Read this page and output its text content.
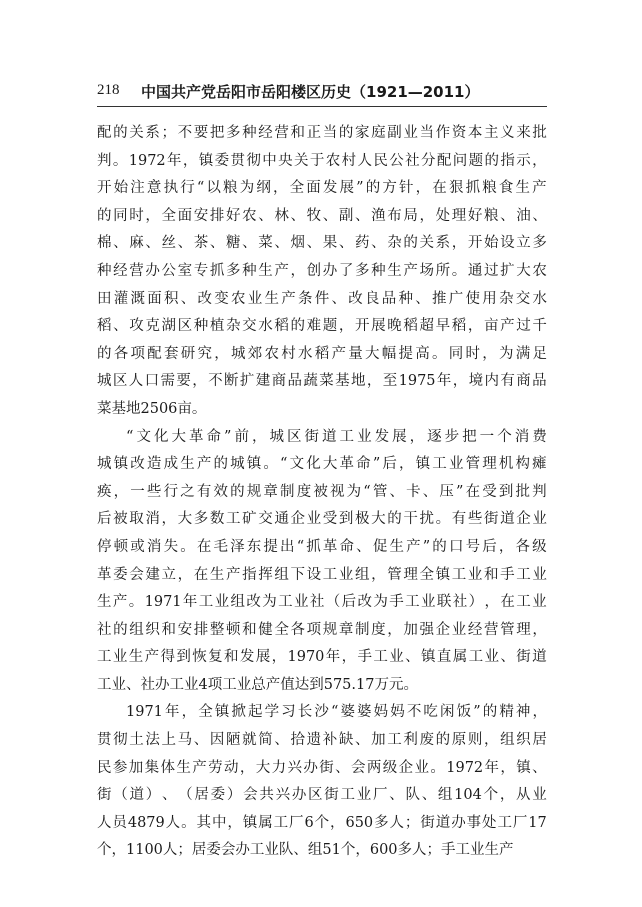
218 中国共产党岳阳市岳阳楼区历史（1921—2011）
配 的 关 系 ； 不 要 把 多 种 经 营 和 正 当 的 家 庭 副 业 当 作 资 本 主 义 来 批
判 。 1972 年 ， 镇 委 贯 彻 中 央 关 于 农 村 人 民 公 社 分 配 问 题 的 指 示 ，
开 始 注 意 执 行 “ 以 粮 为 纲 ， 全 面 发 展 ” 的 方 针 ， 在 狠 抓 粮 食 生 产
的 同 时 ， 全 面 安 排 好 农 、 林 、 牧 、 副 、 渔 布 局 ， 处 理 好 粮 、 油 、
棉 、 麻 、 丝 、 茶 、 糖 、 菜 、 烟 、 果 、 药 、 杂 的 关 系 ， 开 始 设 立 多
种 经 营 办 公 室 专 抓 多 种 生 产 ， 创 办 了 多 种 生 产 场 所 。 通 过 扩 大 农
田 灌 溉 面 积 、 改 变 农 业 生 产 条 件 、 改 良 品 种 、 推 广 使 用 杂 交 水
稻 、 攻 克 湖 区 种 植 杂 交 水 稻 的 难 题 ， 开 展 晚 稻 超 早 稻 ， 亩 产 过 千
的 各 项 配 套 研 究 ， 城 郊 农 村 水 稻 产 量 大 幅 提 高 。 同 时 ， 为 满 足
城 区 人 口 需 要 ， 不 断 扩 建 商 品 蔬 菜 基 地 ， 至 1975 年 ， 境 内 有 商 品
菜 基 地 2506 亩 。
“ 文 化 大 革 命 ” 前 ， 城 区 街 道 工 业 发 展 ， 逐 步 把 一 个 消 费
城 镇 改 造 成 生 产 的 城 镇 。 “ 文 化 大 革 命 ” 后 ， 镇 工 业 管 理 机 构 瘫
痪 ， 一 些 行 之 有 效 的 规 章 制 度 被 视 为 “ 管 、 卡 、 压 ” 在 受 到 批 判
后 被 取 消 ， 大 多 数 工 矿 交 通 企 业 受 到 极 大 的 干 扰 。 有 些 街 道 企 业
停 顿 或 消 失 。 在 毛 泽 东 提 出 “ 抓 革 命 、 促 生 产 ” 的 口 号 后 ， 各 级
革 委 会 建 立 ， 在 生 产 指 挥 组 下 设 工 业 组 ， 管 理 全 镇 工 业 和 手 工 业
生 产 。 1971 年 工 业 组 改 为 工 业 社 （ 后 改 为 手 工 业 联 社 ） ， 在 工 业
社 的 组 织 和 安 排 整 顿 和 健 全 各 项 规 章 制 度 ， 加 强 企 业 经 营 管 理 ，
工 业 生 产 得 到 恢 复 和 发 展 ， 1970 年 ， 手 工 业 、 镇 直 属 工 业 、 街 道
工 业 、 社 办 工 业 4 项 工 业 总 产 值 达 到 575.17 万 元 。
1971 年 ， 全 镇 掀 起 学 习 长 沙 “ 婆 婆 妈 妈 不 吃 闲 饭 ” 的 精 神 ，
贯 彻 土 法 上 马 、 因 陋 就 简 、 拾 遗 补 缺 、 加 工 利 废 的 原 则 ， 组 织 居
民 参 加 集 体 生 产 劳 动 ， 大 力 兴 办 街 、 会 两 级 企 业 。 1972 年 ， 镇 、
街 （ 道 ） 、 （ 居 委 ） 会 共 兴 办 区 街 工 业 厂 、 队 、 组 104 个 ， 从 业
人 员 4879 人 。 其 中 ， 镇 属 工 厂 6 个 ， 650 多 人 ； 街 道 办 事 处 工 厂 17
个 ， 1100 人 ； 居 委 会 办 工 业 队 、 组 51 个 ， 600 多 人 ； 手 工 业 生 产
